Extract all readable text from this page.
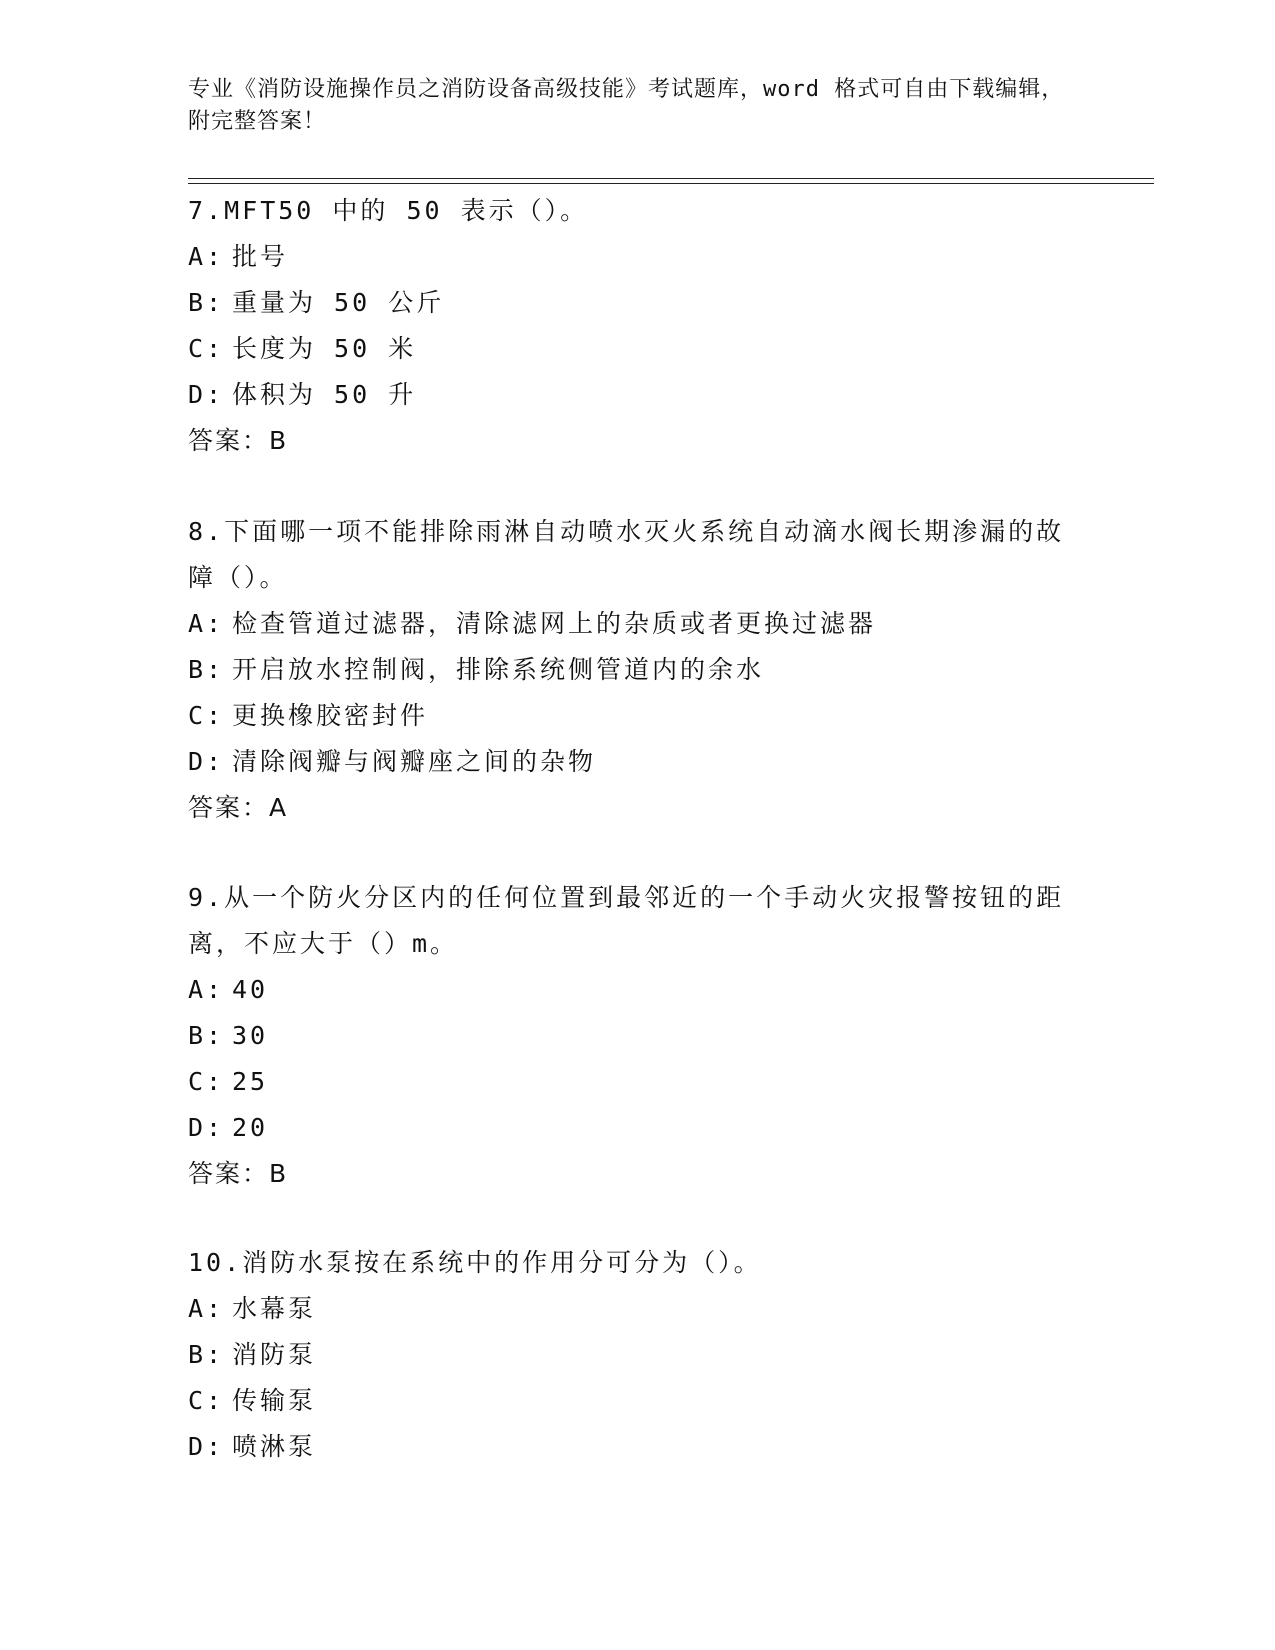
专业《消防设施操作员之消防设备高级技能》考试题库，word 格式可自由下载编辑，附完整答案！

7.MFT50 中的 50 表示（）。

A: 批号

B: 重量为 50 公斤

C: 长度为 50 米

D: 体积为 50 升

答案：B

8.下面哪一项不能排除雨淋自动喷水灭火系统自动滴水阀长期渗漏的故障（）。

A: 检查管道过滤器，清除滤网上的杂质或者更换过滤器

B: 开启放水控制阀，排除系统侧管道内的余水

C: 更换橡胶密封件

D: 清除阀瓣与阀瓣座之间的杂物

答案：A

9.从一个防火分区内的任何位置到最邻近的一个手动火灾报警按钮的距离，不应大于（）m。

A: 40

B: 30

C: 25

D: 20

答案：B

10.消防水泵按在系统中的作用分可分为（）。

A: 水幕泵

B: 消防泵

C: 传输泵

D: 喷淋泵
